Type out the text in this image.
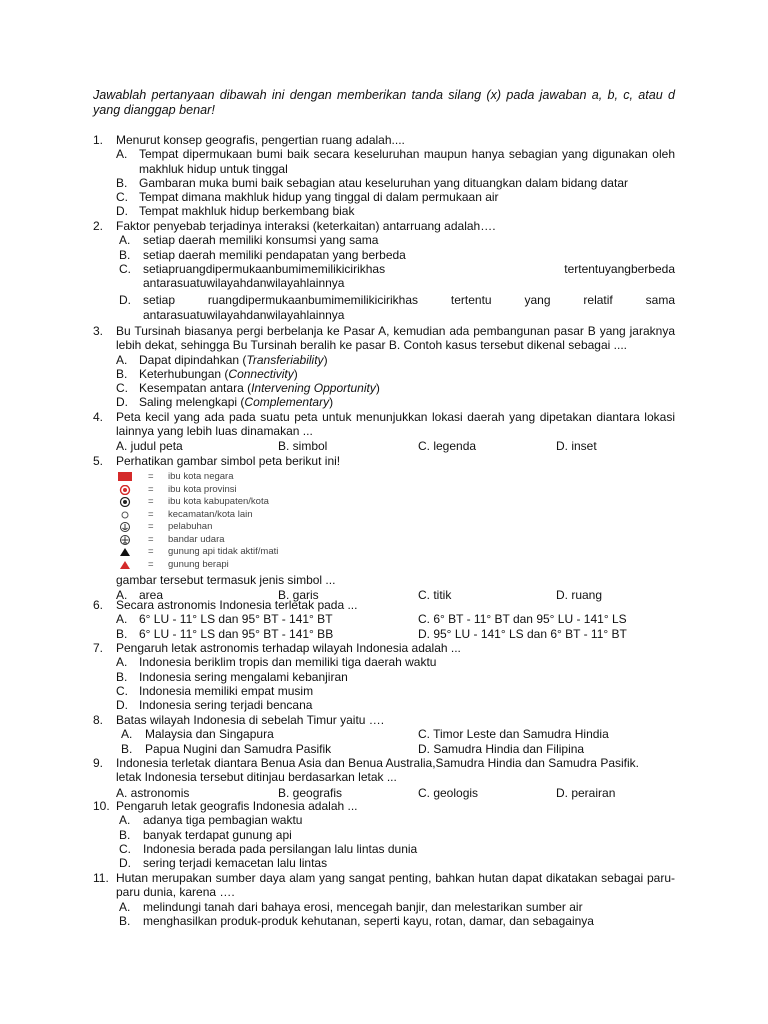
Jawablah pertanyaan dibawah ini dengan memberikan tanda silang (x) pada jawaban a, b, c, atau d yang dianggap benar!
1. Menurut konsep geografis, pengertian ruang adalah....
A. Tempat dipermukaan bumi baik secara keseluruhan maupun hanya sebagian yang digunakan oleh makhluk hidup untuk tinggal
B. Gambaran muka bumi baik sebagian atau keseluruhan yang dituangkan dalam bidang datar
C. Tempat dimana makhluk hidup yang tinggal di dalam permukaan air
D. Tempat makhluk hidup berkembang biak
2. Faktor penyebab terjadinya interaksi (keterkaitan) antarruang adalah….
A. setiap daerah memiliki konsumsi yang sama
B. setiap daerah memiliki pendapatan yang berbeda
C. setiapruangdipermukaanbumimemilikicirikhas	tertentuyangberbeda
antarasuatuwilayahdanwilayahlainnya
D. setiap	ruangdipermukaanbumimemilikicirikhas	tertentu	yang	relatif	sama
antarasuatuwilayahdanwilayahlainnya
3. Bu Tursinah biasanya pergi berbelanja ke Pasar A, kemudian ada pembangunan pasar B yang jaraknya lebih dekat, sehingga Bu Tursinah beralih ke pasar B. Contoh kasus tersebut dikenal sebagai ....
A. Dapat dipindahkan (Transferiability)
B. Keterhubungan (Connectivity)
C. Kesempatan antara (Intervening Opportunity)
D. Saling melengkapi (Complementary)
4. Peta kecil yang ada pada suatu peta untuk menunjukkan lokasi daerah yang dipetakan diantara lokasi lainnya yang lebih luas dinamakan ...
A. judul peta	B. simbol	C. legenda	D. inset
5. Perhatikan gambar simbol peta berikut ini!
= ibu kota negara
= ibu kota provinsi
= ibu kota kabupaten/kota
= kecamatan/kota lain
= pelabuhan
= bandar udara
= gunung api tidak aktif/mati
= gunung berapi
gambar tersebut termasuk jenis simbol ...
A. area	B. garis	C. titik	D. ruang
6. Secara astronomis Indonesia terletak pada ...
A. 6° LU - 11° LS dan 95° BT - 141° BT	C. 6° BT - 11° BT dan 95° LU - 141° LS
B. 6° LU - 11° LS dan 95° BT - 141° BB	D. 95° LU - 141° LS dan 6° BT - 11° BT
7. Pengaruh letak astronomis terhadap wilayah Indonesia adalah ...
A. Indonesia beriklim tropis dan memiliki tiga daerah waktu
B. Indonesia sering mengalami kebanjiran
C. Indonesia memiliki empat musim
D. Indonesia sering terjadi bencana
8. Batas wilayah Indonesia di sebelah Timur yaitu ….
A. Malaysia dan Singapura	C. Timor Leste dan Samudra Hindia
B. Papua Nugini dan Samudra Pasifik	D. Samudra Hindia dan Filipina
9. Indonesia terletak diantara Benua Asia dan Benua Australia,Samudra Hindia dan Samudra Pasifik.
letak Indonesia tersebut ditinjau berdasarkan letak ...
A. astronomis	B. geografis	C. geologis	D. perairan
10. Pengaruh letak geografis Indonesia adalah ...
A. adanya tiga pembagian waktu
B. banyak terdapat gunung api
C. Indonesia berada pada persilangan lalu lintas dunia
D. sering terjadi kemacetan lalu lintas
11. Hutan merupakan sumber daya alam yang sangat penting, bahkan hutan dapat dikatakan sebagai paru-paru dunia, karena ….
A. melindungi tanah dari bahaya erosi, mencegah banjir, dan melestarikan sumber air
B. menghasilkan produk-produk kehutanan, seperti kayu, rotan, damar, dan sebagainya
